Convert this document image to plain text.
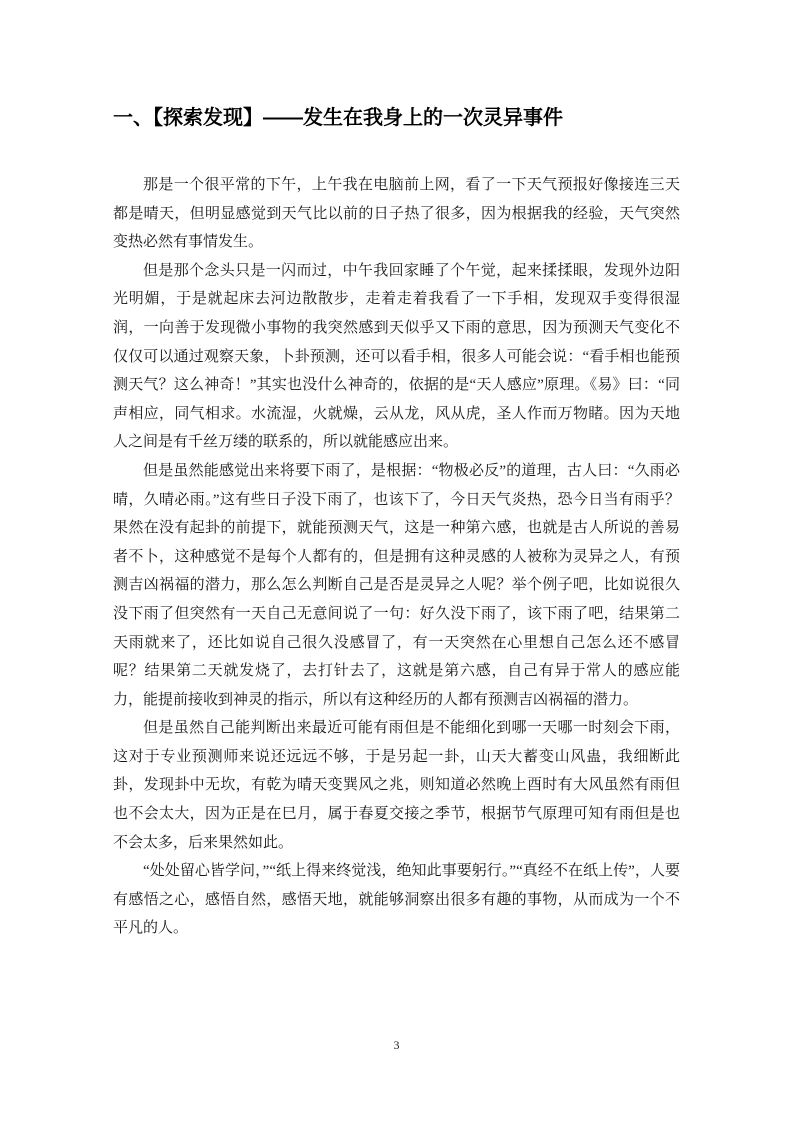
一、【探索发现】——发生在我身上的一次灵异事件

那是一个很平常的下午，上午我在电脑前上网，看了一下天气预报好像接连三天都是晴天，但明显感觉到天气比以前的日子热了很多，因为根据我的经验，天气突然变热必然有事情发生。

但是那个念头只是一闪而过，中午我回家睡了个午觉，起来揉揉眼，发现外边阳光明媚，于是就起床去河边散散步，走着走着我看了一下手相，发现双手变得很湿润，一向善于发现微小事物的我突然感到天似乎又下雨的意思，因为预测天气变化不仅仅可以通过观察天象，卜卦预测，还可以看手相，很多人可能会说：“看手相也能预测天气？这么神奇！”其实也没什么神奇的，依据的是“天人感应”原理。《易》曰：“同声相应，同气相求。水流湿，火就燥，云从龙，风从虎，圣人作而万物睹。因为天地人之间是有千丝万缕的联系的，所以就能感应出来。

但是虽然能感觉出来将要下雨了，是根据：“物极必反”的道理，古人曰：“久雨必晴，久晴必雨。”这有些日子没下雨了，也该下了，今日天气炎热，恐今日当有雨乎？果然在没有起卦的前提下，就能预测天气，这是一种第六感，也就是古人所说的善易者不卜，这种感觉不是每个人都有的，但是拥有这种灵感的人被称为灵异之人，有预测吉凶祸福的潜力，那么怎么判断自己是否是灵异之人呢？举个例子吧，比如说很久没下雨了但突然有一天自己无意间说了一句：好久没下雨了，该下雨了吧，结果第二天雨就来了，还比如说自己很久没感冒了，有一天突然在心里想自己怎么还不感冒呢？结果第二天就发烧了，去打针去了，这就是第六感，自己有异于常人的感应能力，能提前接收到神灵的指示，所以有这种经历的人都有预测吉凶祸福的潜力。

但是虽然自己能判断出来最近可能有雨但是不能细化到哪一天哪一时刻会下雨，这对于专业预测师来说还远远不够，于是另起一卦，山天大蓄变山风蛊，我细断此卦，发现卦中无坎，有乾为晴天变巽风之兆，则知道必然晚上酉时有大风虽然有雨但也不会太大，因为正是在巳月，属于春夏交接之季节，根据节气原理可知有雨但是也不会太多，后来果然如此。

“处处留心皆学问，”“纸上得来终觉浅，绝知此事要躬行。”“真经不在纸上传”，人要有感悟之心，感悟自然，感悟天地，就能够洞察出很多有趣的事物，从而成为一个不平凡的人。

3
